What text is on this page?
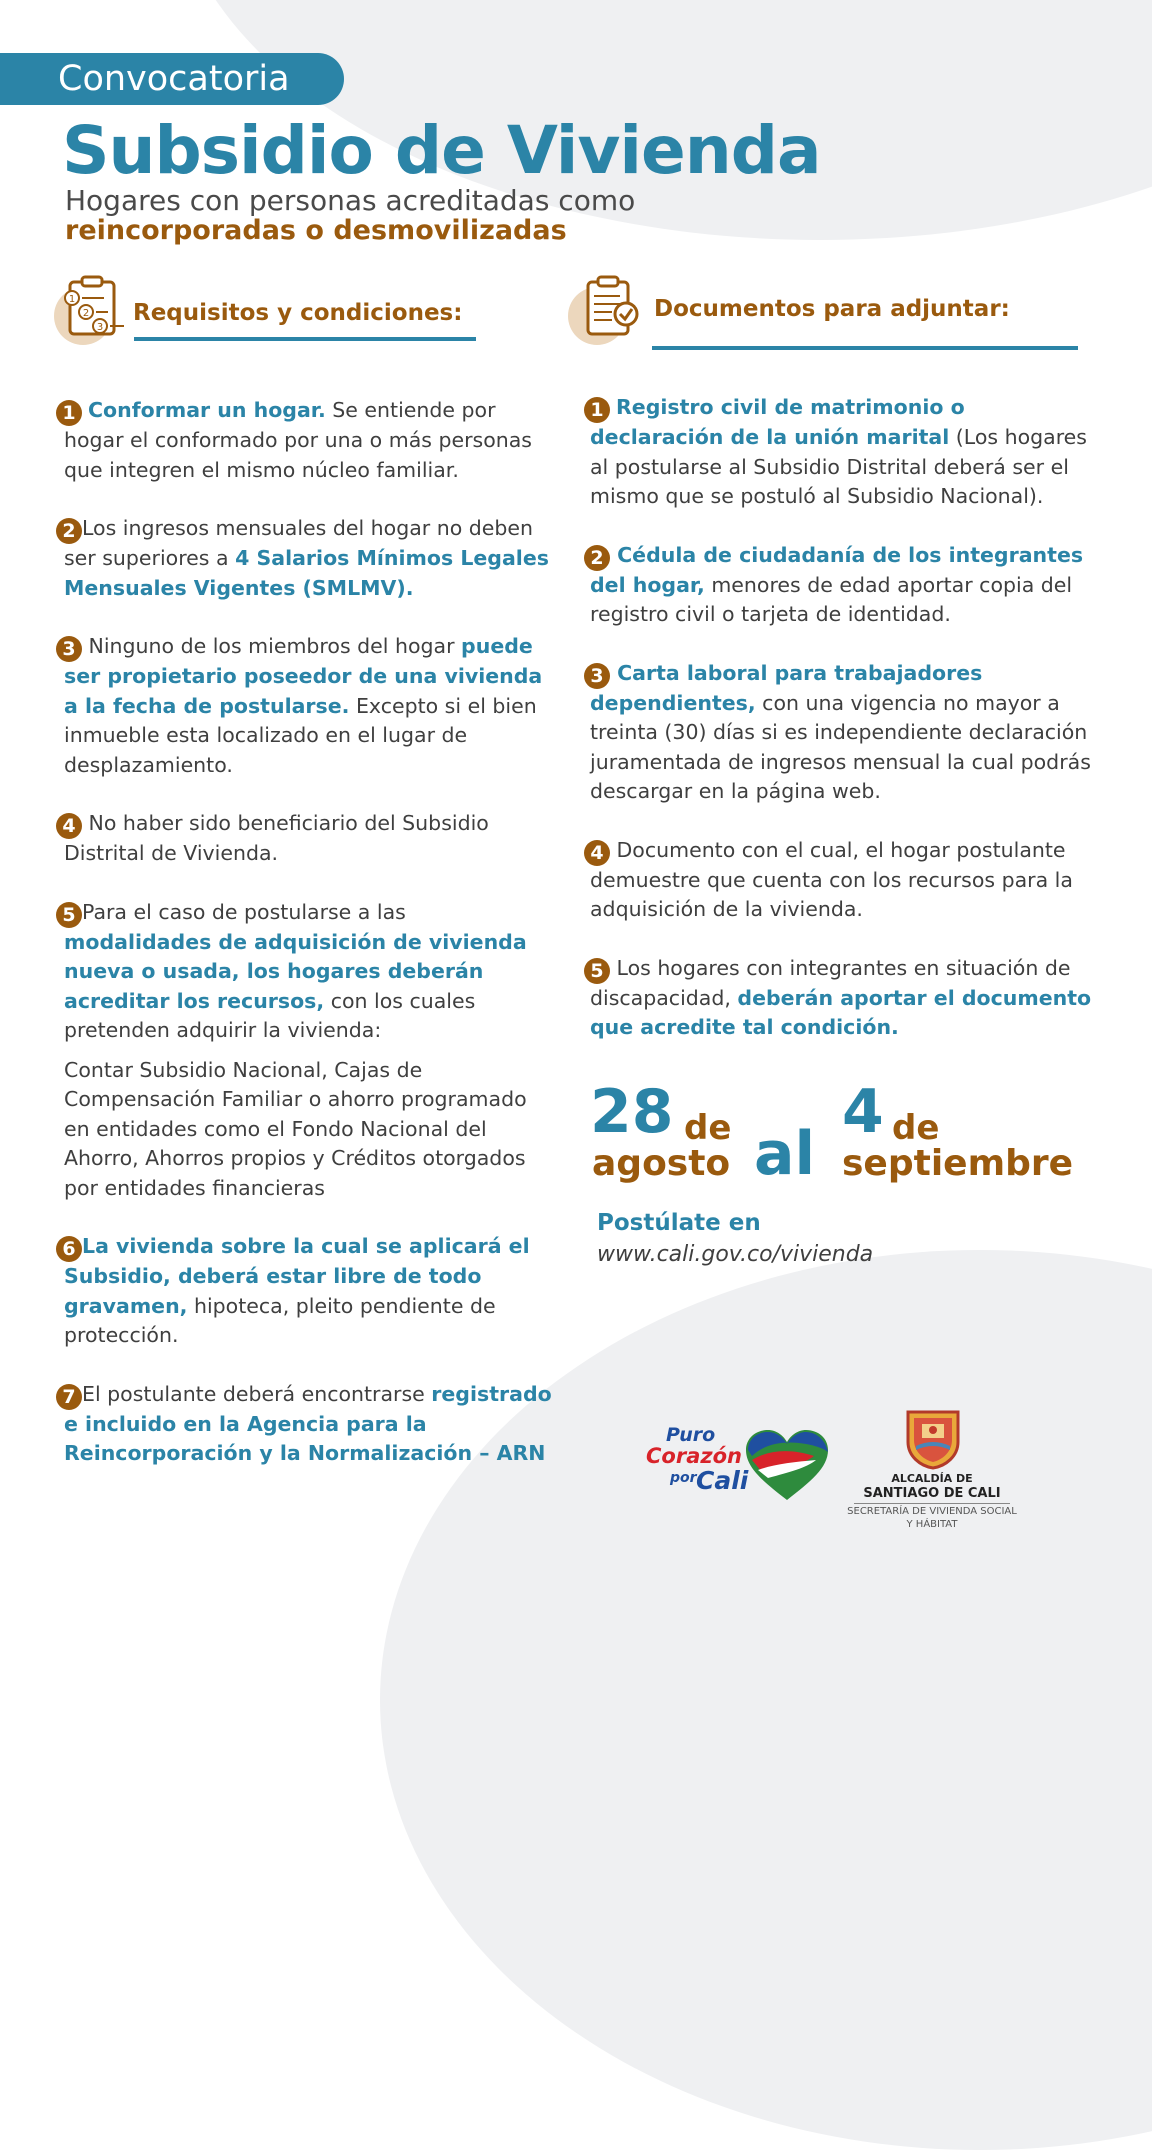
Convocatoria
Subsidio de Vivienda
Hogares con personas acreditadas como
reincorporadas o desmovilizadas
1
2
3
Requisitos y condiciones:	Documentos para adjuntar:
1 Conformar un hogar. Se entiende por hogar el conformado por una o más personas que integren el mismo núcleo familiar.
2 Los ingresos mensuales del hogar no deben ser superiores a 4 Salarios Mínimos Legales Mensuales Vigentes (SMLMV).
3 Ninguno de los miembros del hogar puede ser propietario poseedor de una vivienda a la fecha de postularse. Excepto si el bien inmueble esta localizado en el lugar de desplazamiento.
4 No haber sido beneficiario del Subsidio Distrital de Vivienda.
5 Para el caso de postularse a las modalidades de adquisición de vivienda nueva o usada, los hogares deberán acreditar los recursos, con los cuales pretenden adquirir la vivienda:
Contar Subsidio Nacional, Cajas de Compensación Familiar o ahorro programado en entidades como el Fondo Nacional del Ahorro, Ahorros propios y Créditos otorgados por entidades financieras
6 La vivienda sobre la cual se aplicará el Subsidio, deberá estar libre de todo gravamen, hipoteca, pleito pendiente de protección.
7 El postulante deberá encontrarse registrado e incluido en la Agencia para la Reincorporación y la Normalización – ARN
1 Registro civil de matrimonio o declaración de la unión marital (Los hogares al postularse al Subsidio Distrital deberá ser el mismo que se postuló al Subsidio Nacional).
2 Cédula de ciudadanía de los integrantes del hogar, menores de edad aportar copia del registro civil o tarjeta de identidad.
3 Carta laboral para trabajadores dependientes, con una vigencia no mayor a treinta (30) días si es independiente declaración juramentada de ingresos mensual la cual podrás descargar en la página web.
4 Documento con el cual, el hogar postulante demuestre que cuenta con los recursos para la adquisición de la vivienda.
5 Los hogares con integrantes en situación de discapacidad, deberán aportar el documento que acredite tal condición.
28 de
agosto al
4 de
septiembre
Postúlate en
www.cali.gov.co/vivienda
Puro
Corazón
por Cali	ALCALDÍA DE
SANTIAGO DE CALI
SECRETARÍA DE VIVIENDA SOCIAL
Y HÁBITAT
